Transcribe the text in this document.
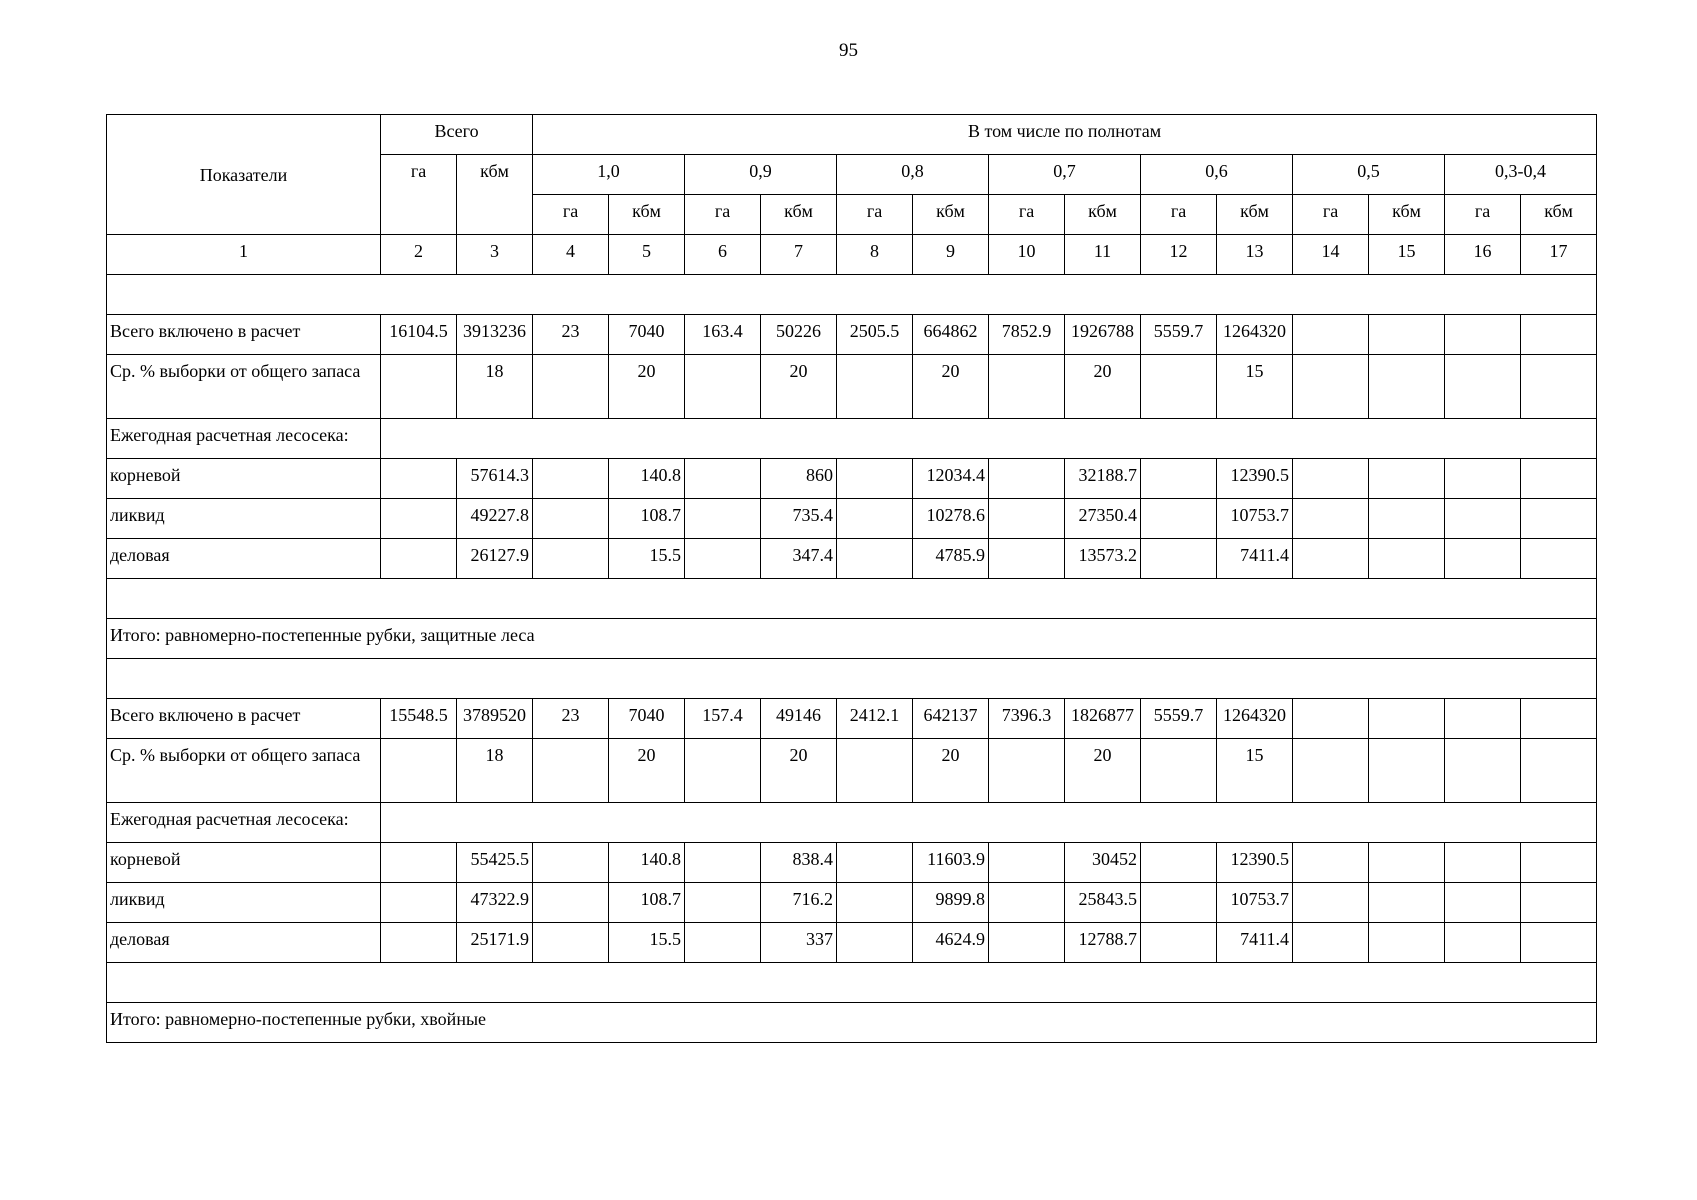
95
Показатели	Всего		В том числе по полнотам													
	га	кбм	1,0		0,9		0,8		0,7		0,6		0,5		0,3-0,4	
			га	кбм	га	кбм	га	кбм	га	кбм	га	кбм	га	кбм	га	кбм
1	2	3	4	5	6	7	8	9	10	11	12	13	14	15	16	17

Всего включено в расчет	16104.5	3913236	23	7040	163.4	50226	2505.5	664862	7852.9	1926788	5559.7	1264320				
Ср. % выборки от общего запаса		18		20		20		20		20		15				
Ежегодная расчетная лесосека:																
корневой		57614.3		140.8		860		12034.4		32188.7		12390.5				
ликвид		49227.8		108.7		735.4		10278.6		27350.4		10753.7				
деловая		26127.9		15.5		347.4		4785.9		13573.2		7411.4				

Итого: равномерно-постепенные рубки, защитные леса																

Всего включено в расчет	15548.5	3789520	23	7040	157.4	49146	2412.1	642137	7396.3	1826877	5559.7	1264320				
Ср. % выборки от общего запаса		18		20		20		20		20		15				
Ежегодная расчетная лесосека:																
корневой		55425.5		140.8		838.4		11603.9		30452		12390.5				
ликвид		47322.9		108.7		716.2		9899.8		25843.5		10753.7				
деловая		25171.9		15.5		337		4624.9		12788.7		7411.4				

Итого: равномерно-постепенные рубки, хвойные																
